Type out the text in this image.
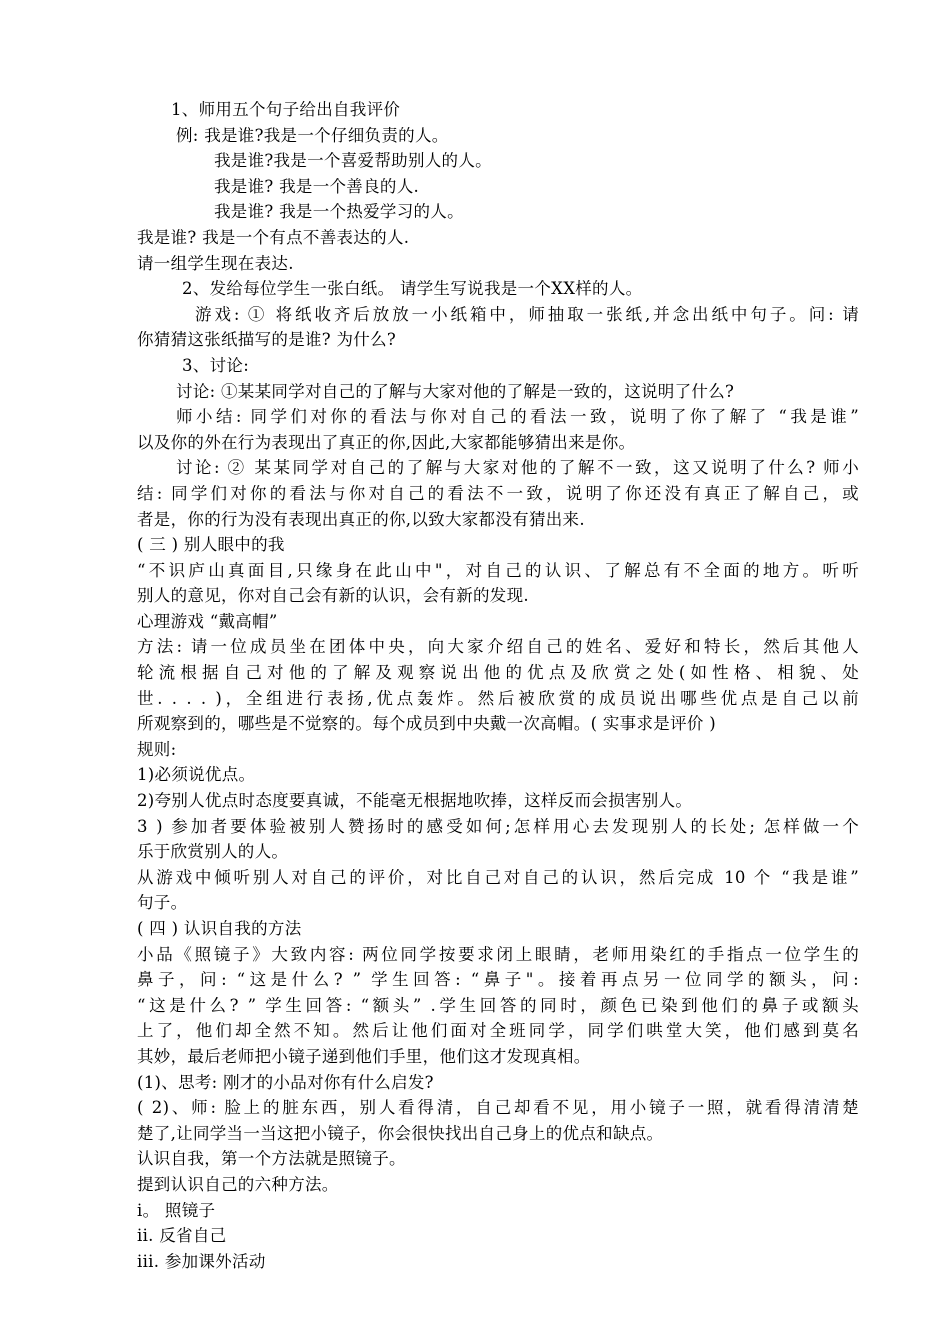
1、师用五个句子给出自我评价
例: 我是谁?我是一个仔细负责的人。
我是谁?我是一个喜爱帮助别人的人。
我是谁? 我是一个善良的人.
我是谁? 我是一个热爱学习的人。
我是谁? 我是一个有点不善表达的人.
请一组学生现在表达.
2、发给每位学生一张白纸。 请学生写说我是一个XX样的人。
游戏: ① 将纸收齐后放放一小纸箱中，师抽取一张纸,并念出纸中句子。问: 请
你猜猜这张纸描写的是谁? 为什么?
3、讨论:
讨论: ①某某同学对自己的了解与大家对他的了解是一致的，这说明了什么?
师小结: 同学们对你的看法与你对自己的看法一致，说明了你了解了 “我是谁”
以及你的外在行为表现出了真正的你,因此,大家都能够猜出来是你。
讨论: ② 某某同学对自己的了解与大家对他的了解不一致，这又说明了什么? 师小
结: 同学们对你的看法与你对自己的看法不一致，说明了你还没有真正了解自己，或
者是，你的行为没有表现出真正的你,以致大家都没有猜出来.
( 三 ) 别人眼中的我
“不识庐山真面目,只缘身在此山中"，对自己的认识、了解总有不全面的地方。听听
别人的意见，你对自己会有新的认识，会有新的发现.
心理游戏 “戴高帽”
方法: 请一位成员坐在团体中央，向大家介绍自己的姓名、爱好和特长，然后其他人
轮流根据自己对他的了解及观察说出他的优点及欣赏之处(如性格、相貌、处
世. . . . )，全组进行表扬,优点轰炸。然后被欣赏的成员说出哪些优点是自己以前
所观察到的，哪些是不觉察的。每个成员到中央戴一次高帽。( 实事求是评价 )
规则:
1)必须说优点。
2)夸别人优点时态度要真诚，不能毫无根据地吹捧，这样反而会损害别人。
3 ) 参加者要体验被别人赞扬时的感受如何;怎样用心去发现别人的长处; 怎样做一个
乐于欣赏别人的人。
从游戏中倾听别人对自己的评价，对比自己对自己的认识，然后完成 10 个 “我是谁”
句子。
( 四 ) 认识自我的方法
小品《照镜子》大致内容: 两位同学按要求闭上眼睛，老师用染红的手指点一位学生的
鼻子，问: “这是什么? ” 学生回答: “鼻子"。接着再点另一位同学的额头，问:
“这是什么? ” 学生回答: “额头” .学生回答的同时，颜色已染到他们的鼻子或额头
上了，他们却全然不知。然后让他们面对全班同学，同学们哄堂大笑，他们感到莫名
其妙，最后老师把小镜子递到他们手里，他们这才发现真相。
(1)、思考: 刚才的小品对你有什么启发?
( 2)、师: 脸上的脏东西，别人看得清，自己却看不见，用小镜子一照，就看得清清楚
楚了,让同学当一当这把小镜子，你会很快找出自己身上的优点和缺点。
认识自我，第一个方法就是照镜子。
提到认识自己的六种方法。
i。 照镜子
ii. 反省自己
iii. 参加课外活动
